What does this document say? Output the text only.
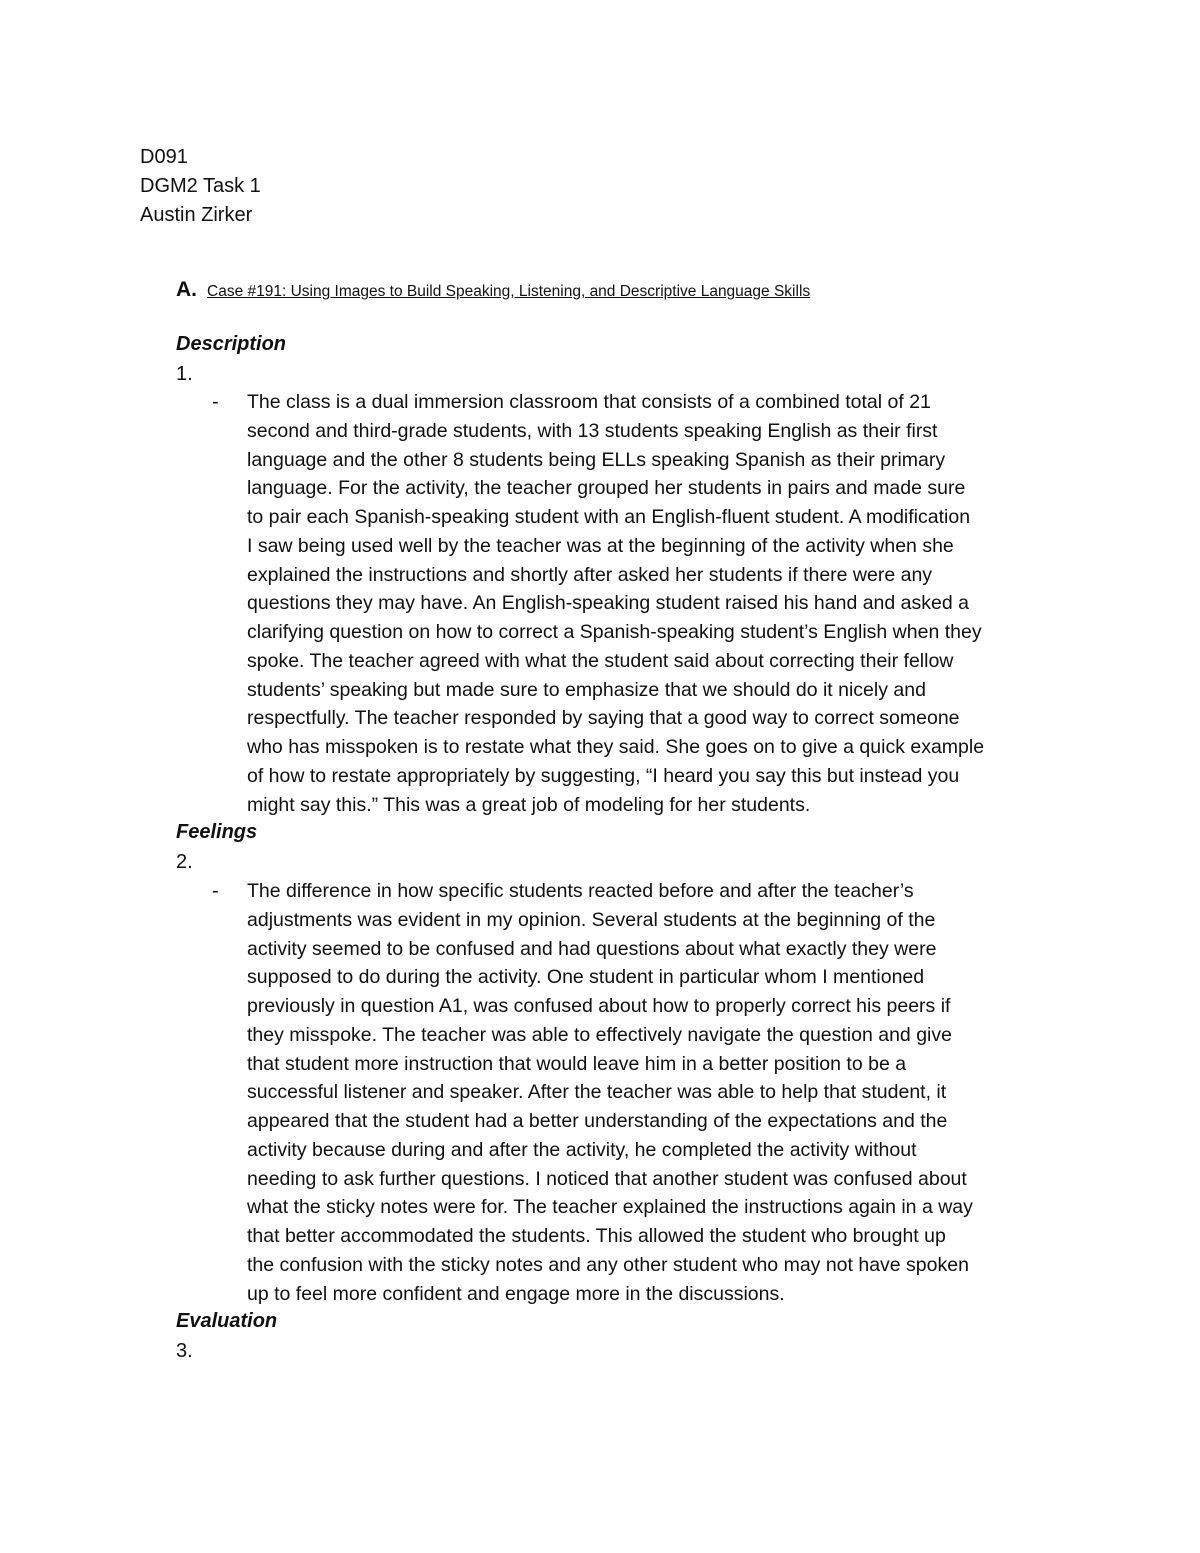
D091
DGM2 Task 1
Austin Zirker
A. Case #191: Using Images to Build Speaking, Listening, and Descriptive Language Skills
Description
1.
- The class is a dual immersion classroom that consists of a combined total of 21
second and third-grade students, with 13 students speaking English as their first
language and the other 8 students being ELLs speaking Spanish as their primary
language. For the activity, the teacher grouped her students in pairs and made sure
to pair each Spanish-speaking student with an English-fluent student. A modification
I saw being used well by the teacher was at the beginning of the activity when she
explained the instructions and shortly after asked her students if there were any
questions they may have. An English-speaking student raised his hand and asked a
clarifying question on how to correct a Spanish-speaking student’s English when they
spoke. The teacher agreed with what the student said about correcting their fellow
students’ speaking but made sure to emphasize that we should do it nicely and
respectfully. The teacher responded by saying that a good way to correct someone
who has misspoken is to restate what they said. She goes on to give a quick example
of how to restate appropriately by suggesting, “I heard you say this but instead you
might say this.” This was a great job of modeling for her students.
Feelings
2.
- The difference in how specific students reacted before and after the teacher’s
adjustments was evident in my opinion. Several students at the beginning of the
activity seemed to be confused and had questions about what exactly they were
supposed to do during the activity. One student in particular whom I mentioned
previously in question A1, was confused about how to properly correct his peers if
they misspoke. The teacher was able to effectively navigate the question and give
that student more instruction that would leave him in a better position to be a
successful listener and speaker. After the teacher was able to help that student, it
appeared that the student had a better understanding of the expectations and the
activity because during and after the activity, he completed the activity without
needing to ask further questions. I noticed that another student was confused about
what the sticky notes were for. The teacher explained the instructions again in a way
that better accommodated the students. This allowed the student who brought up
the confusion with the sticky notes and any other student who may not have spoken
up to feel more confident and engage more in the discussions.
Evaluation
3.
